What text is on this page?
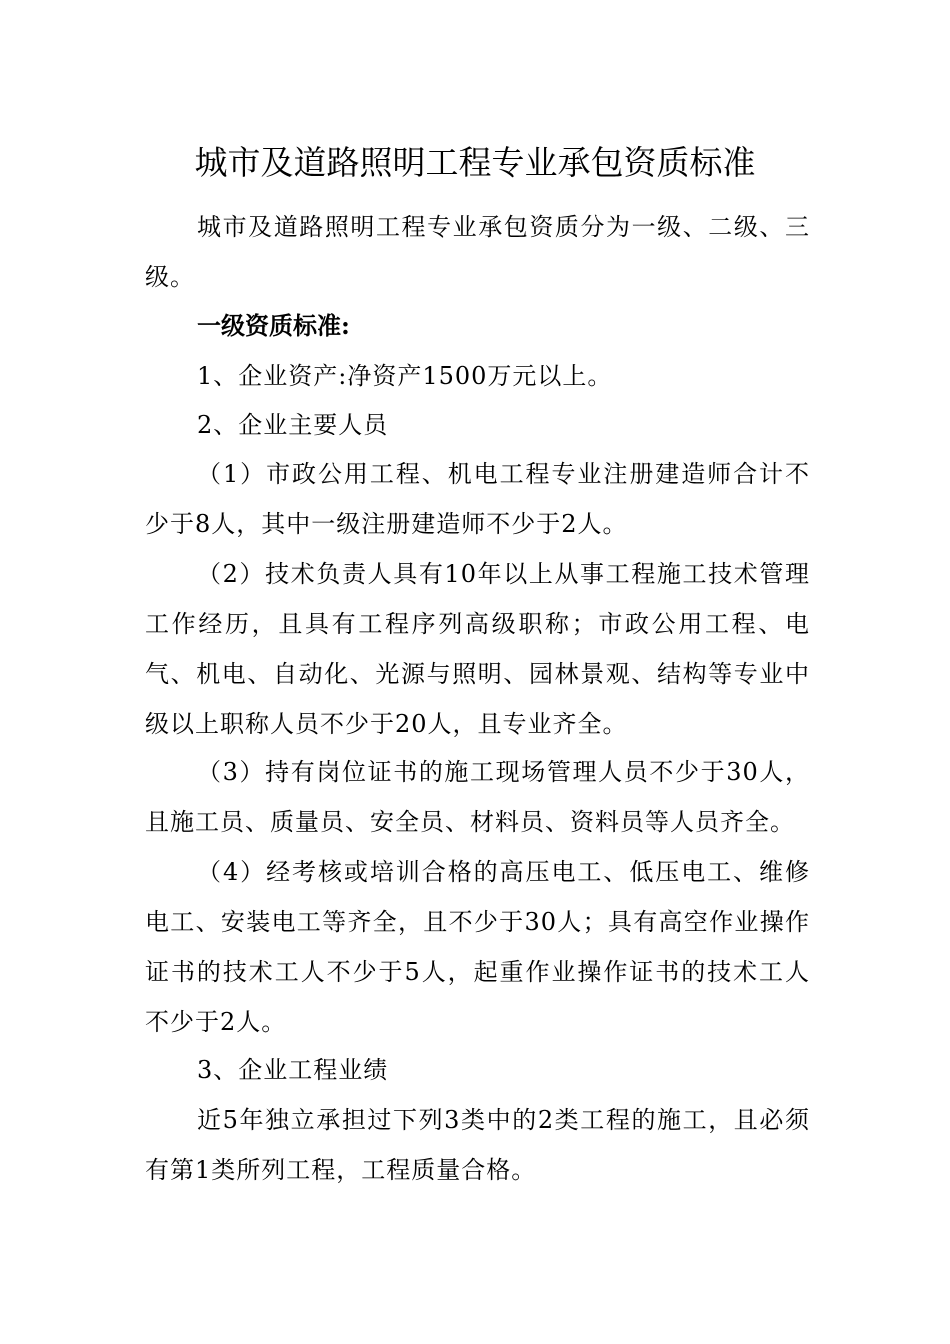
城市及道路照明工程专业承包资质标准
城市及道路照明工程专业承包资质分为一级、二级、三级。
一级资质标准:
1、企业资产:净资产1500万元以上。
2、企业主要人员
（1）市政公用工程、机电工程专业注册建造师合计不少于8人，其中一级注册建造师不少于2人。
（2）技术负责人具有10年以上从事工程施工技术管理工作经历，且具有工程序列高级职称；市政公用工程、电气、机电、自动化、光源与照明、园林景观、结构等专业中级以上职称人员不少于20人，且专业齐全。
（3）持有岗位证书的施工现场管理人员不少于30人，且施工员、质量员、安全员、材料员、资料员等人员齐全。
（4）经考核或培训合格的高压电工、低压电工、维修电工、安装电工等齐全，且不少于30人；具有高空作业操作证书的技术工人不少于5人，起重作业操作证书的技术工人不少于2人。
3、企业工程业绩
近5年独立承担过下列3类中的2类工程的施工，且必须有第1类所列工程，工程质量合格。
